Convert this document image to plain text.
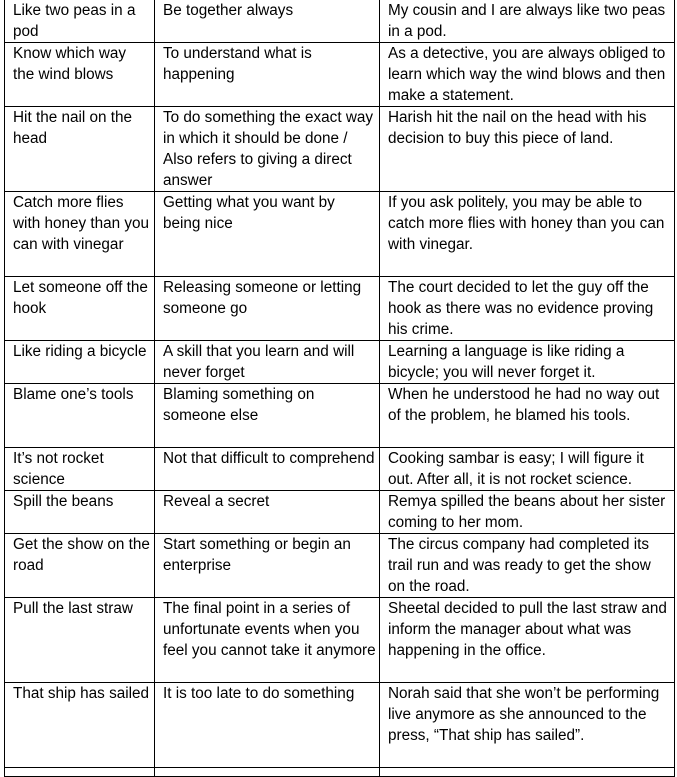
Like two peas in a pod	Be together always	My cousin and I are always like two peas in a pod.
Know which way the wind blows	To understand what is happening	As a detective, you are always obliged to learn which way the wind blows and then make a statement.
Hit the nail on the head	To do something the exact way in which it should be done / Also refers to giving a direct answer	Harish hit the nail on the head with his decision to buy this piece of land.
Catch more flies with honey than you can with vinegar	Getting what you want by being nice	If you ask politely, you may be able to catch more flies with honey than you can with vinegar.
Let someone off the hook	Releasing someone or letting someone go	The court decided to let the guy off the hook as there was no evidence proving his crime.
Like riding a bicycle	A skill that you learn and will never forget	Learning a language is like riding a bicycle; you will never forget it.
Blame one’s tools	Blaming something on someone else	When he understood he had no way out of the problem, he blamed his tools.
It’s not rocket science	Not that difficult to comprehend	Cooking sambar is easy; I will figure it out. After all, it is not rocket science.
Spill the beans	Reveal a secret	Remya spilled the beans about her sister coming to her mom.
Get the show on the road	Start something or begin an enterprise	The circus company had completed its trail run and was ready to get the show on the road.
Pull the last straw	The final point in a series of unfortunate events when you feel you cannot take it anymore	Sheetal decided to pull the last straw and inform the manager about what was happening in the office.
That ship has sailed	It is too late to do something	Norah said that she won’t be performing live anymore as she announced to the press, “That ship has sailed”.
